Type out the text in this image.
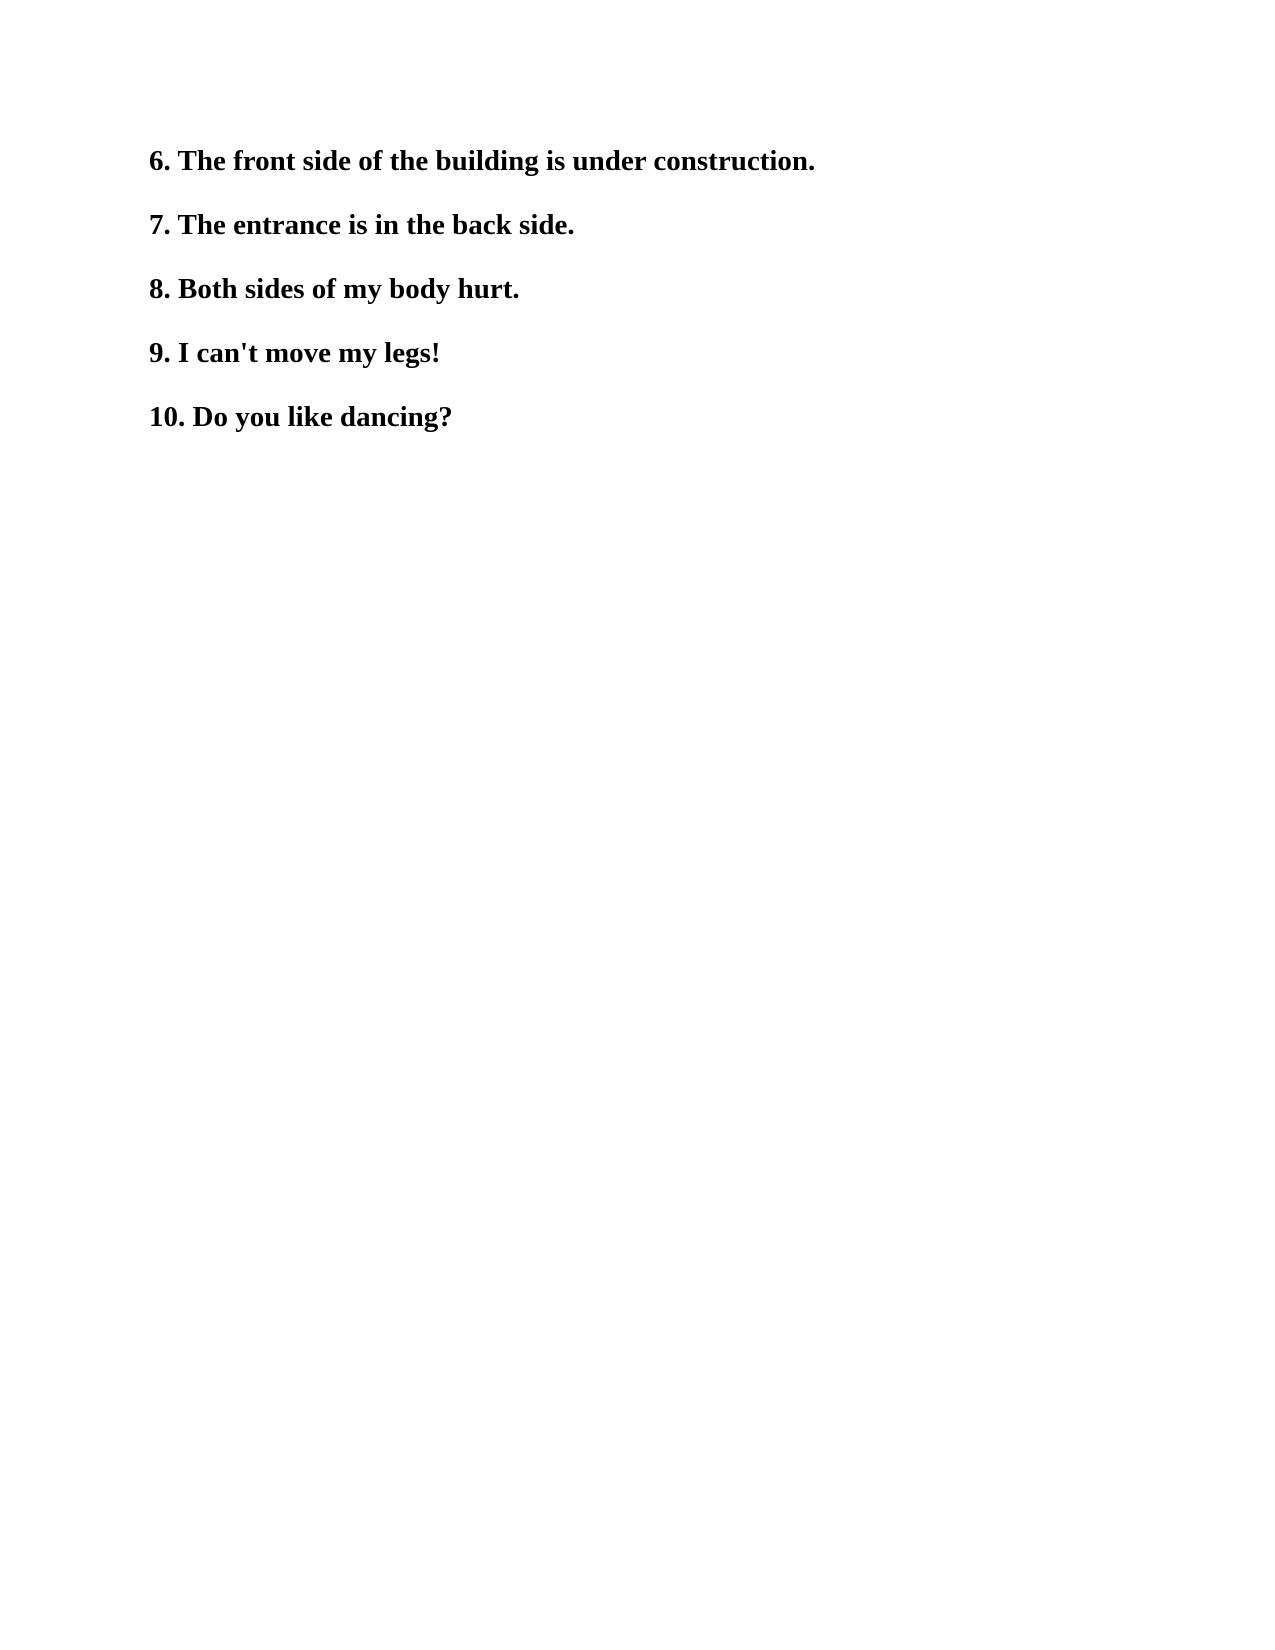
6. The front side of the building is under construction.
7. The entrance is in the back side.
8. Both sides of my body hurt.
9. I can't move my legs!
10. Do you like dancing?
